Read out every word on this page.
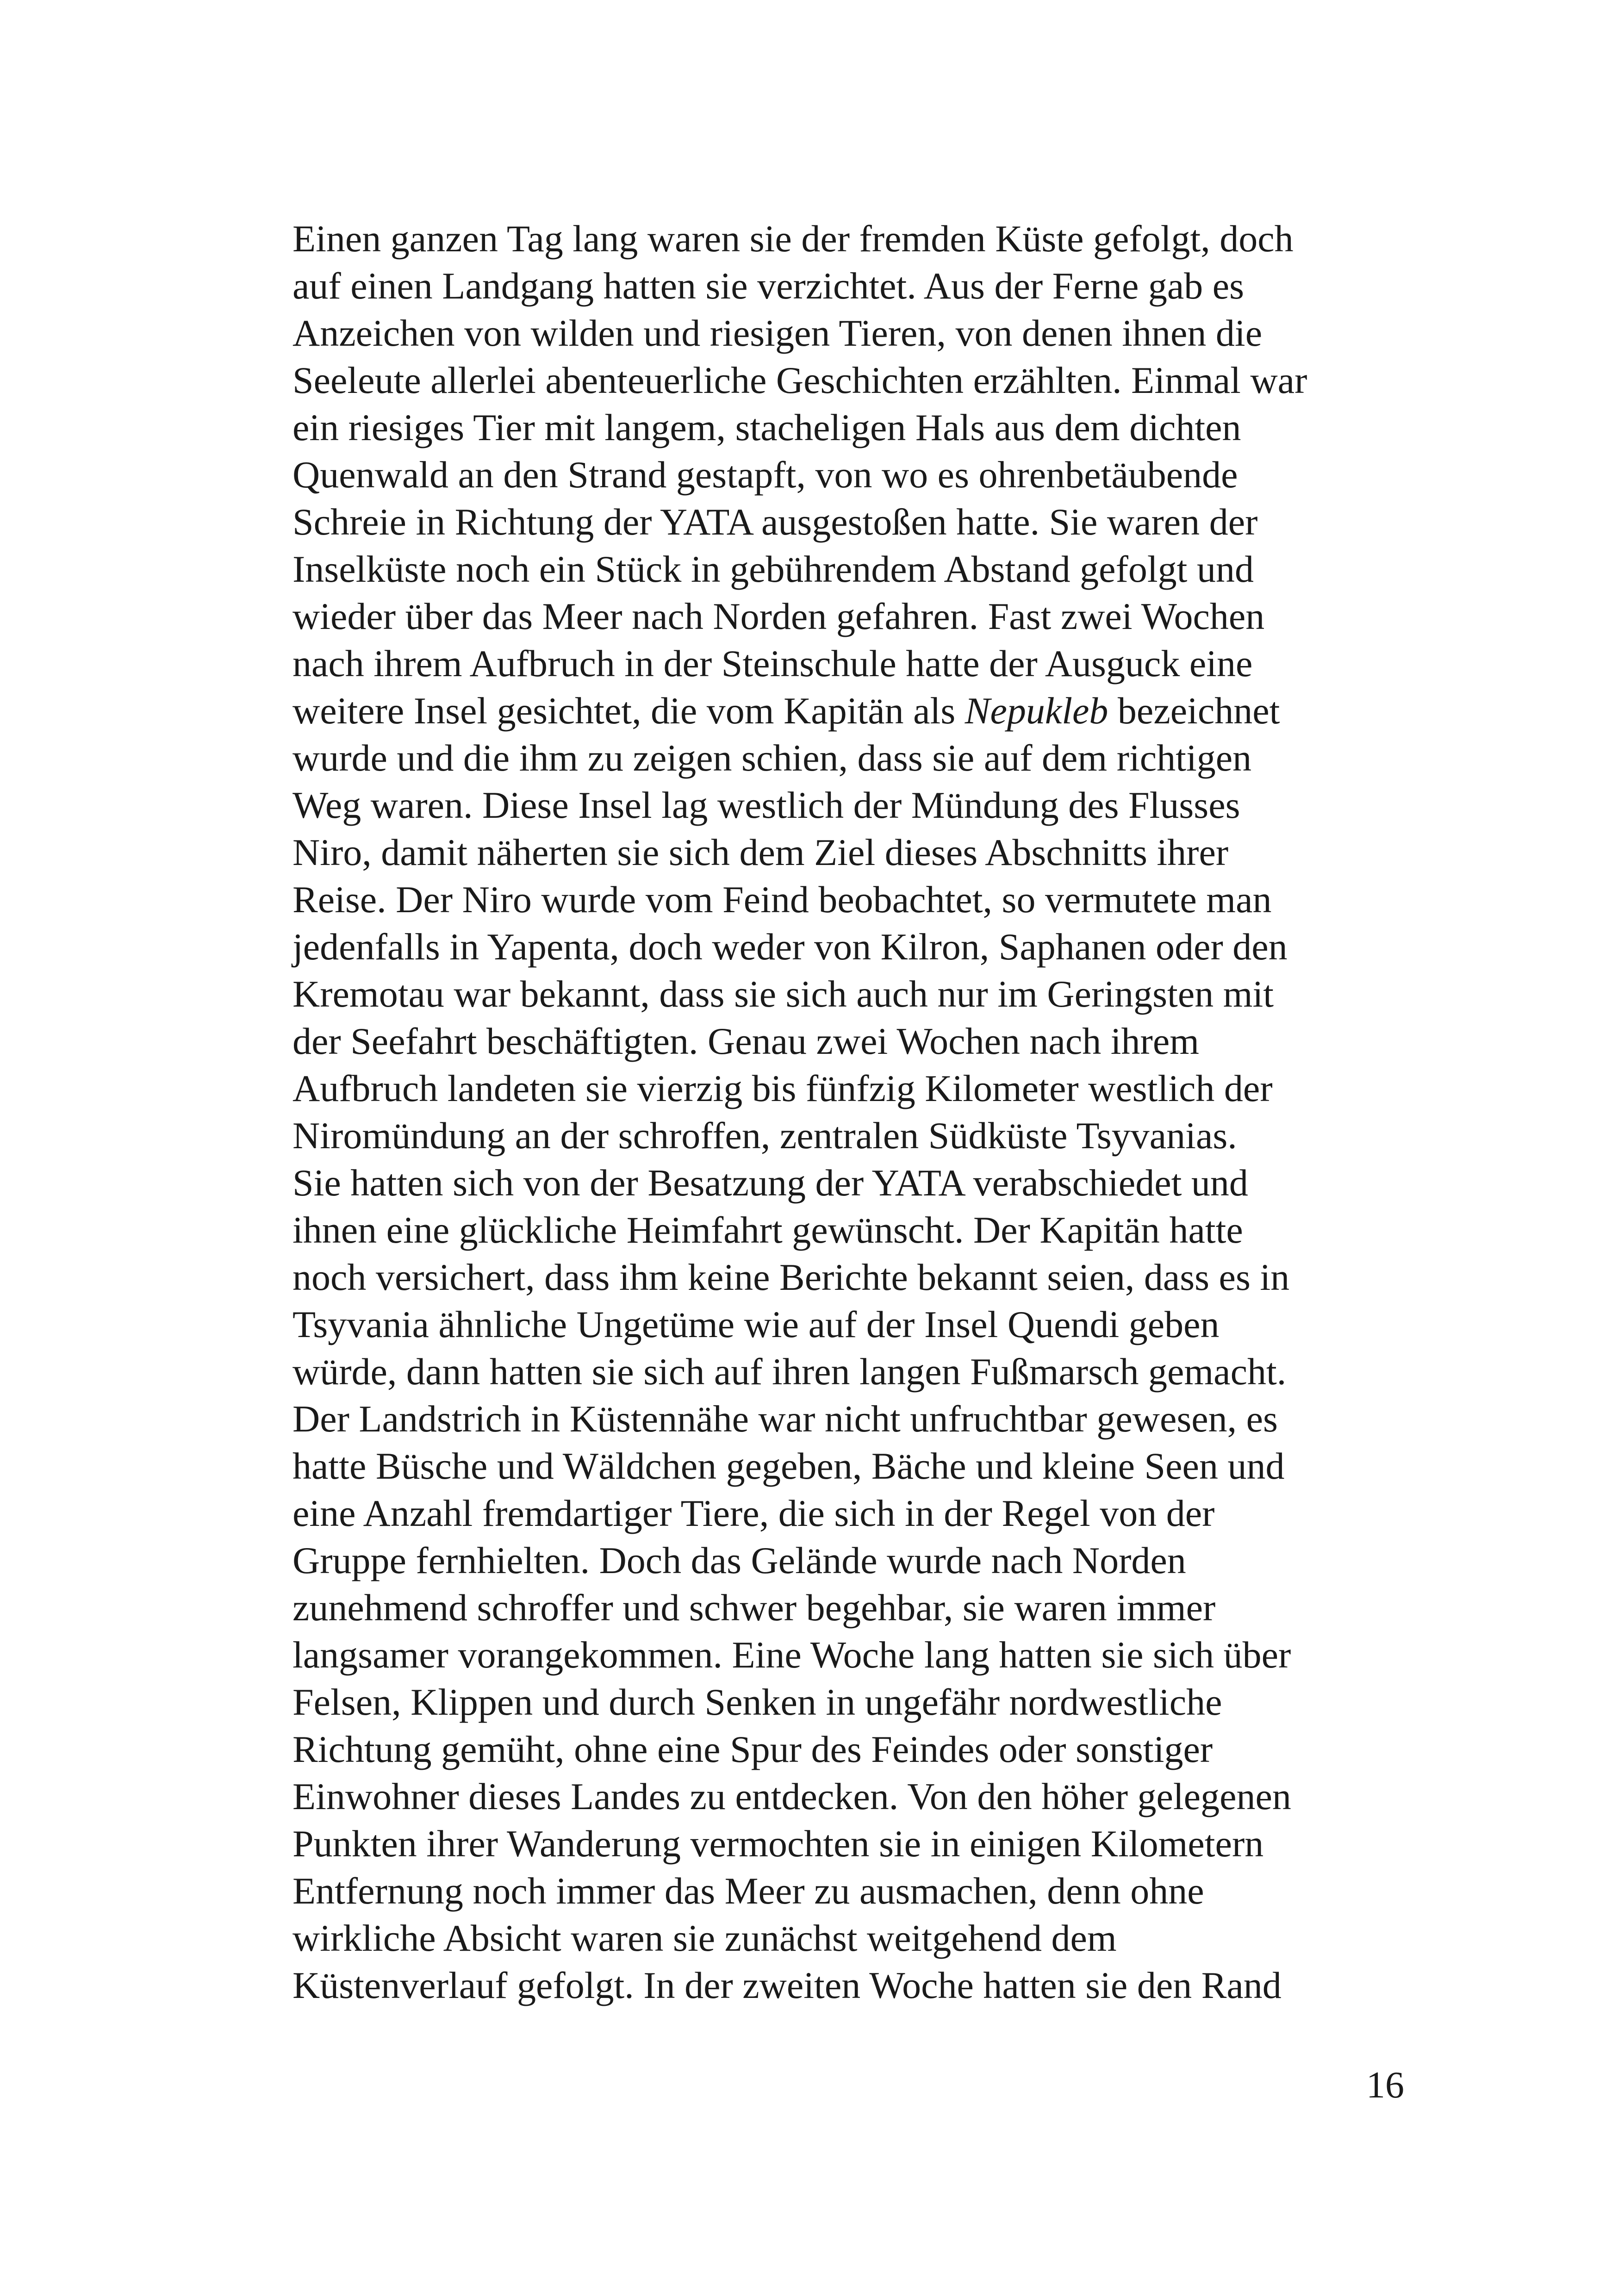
Einen ganzen Tag lang waren sie der fremden Küste gefolgt, doch
auf einen Landgang hatten sie verzichtet. Aus der Ferne gab es
Anzeichen von wilden und riesigen Tieren, von denen ihnen die
Seeleute allerlei abenteuerliche Geschichten erzählten. Einmal war
ein riesiges Tier mit langem, stacheligen Hals aus dem dichten
Quenwald an den Strand gestapft, von wo es ohrenbetäubende
Schreie in Richtung der YATA ausgestoßen hatte. Sie waren der
Inselküste noch ein Stück in gebührendem Abstand gefolgt und
wieder über das Meer nach Norden gefahren. Fast zwei Wochen
nach ihrem Aufbruch in der Steinschule hatte der Ausguck eine
weitere Insel gesichtet, die vom Kapitän als Nepukleb bezeichnet
wurde und die ihm zu zeigen schien, dass sie auf dem richtigen
Weg waren. Diese Insel lag westlich der Mündung des Flusses
Niro, damit näherten sie sich dem Ziel dieses Abschnitts ihrer
Reise. Der Niro wurde vom Feind beobachtet, so vermutete man
jedenfalls in Yapenta, doch weder von Kilron, Saphanen oder den
Kremotau war bekannt, dass sie sich auch nur im Geringsten mit
der Seefahrt beschäftigten. Genau zwei Wochen nach ihrem
Aufbruch landeten sie vierzig bis fünfzig Kilometer westlich der
Niromündung an der schroffen, zentralen Südküste Tsyvanias.
Sie hatten sich von der Besatzung der YATA verabschiedet und
ihnen eine glückliche Heimfahrt gewünscht. Der Kapitän hatte
noch versichert, dass ihm keine Berichte bekannt seien, dass es in
Tsyvania ähnliche Ungetüme wie auf der Insel Quendi geben
würde, dann hatten sie sich auf ihren langen Fußmarsch gemacht.
Der Landstrich in Küstennähe war nicht unfruchtbar gewesen, es
hatte Büsche und Wäldchen gegeben, Bäche und kleine Seen und
eine Anzahl fremdartiger Tiere, die sich in der Regel von der
Gruppe fernhielten. Doch das Gelände wurde nach Norden
zunehmend schroffer und schwer begehbar, sie waren immer
langsamer vorangekommen. Eine Woche lang hatten sie sich über
Felsen, Klippen und durch Senken in ungefähr nordwestliche
Richtung gemüht, ohne eine Spur des Feindes oder sonstiger
Einwohner dieses Landes zu entdecken. Von den höher gelegenen
Punkten ihrer Wanderung vermochten sie in einigen Kilometern
Entfernung noch immer das Meer zu ausmachen, denn ohne
wirkliche Absicht waren sie zunächst weitgehend dem
Küstenverlauf gefolgt. In der zweiten Woche hatten sie den Rand
16
